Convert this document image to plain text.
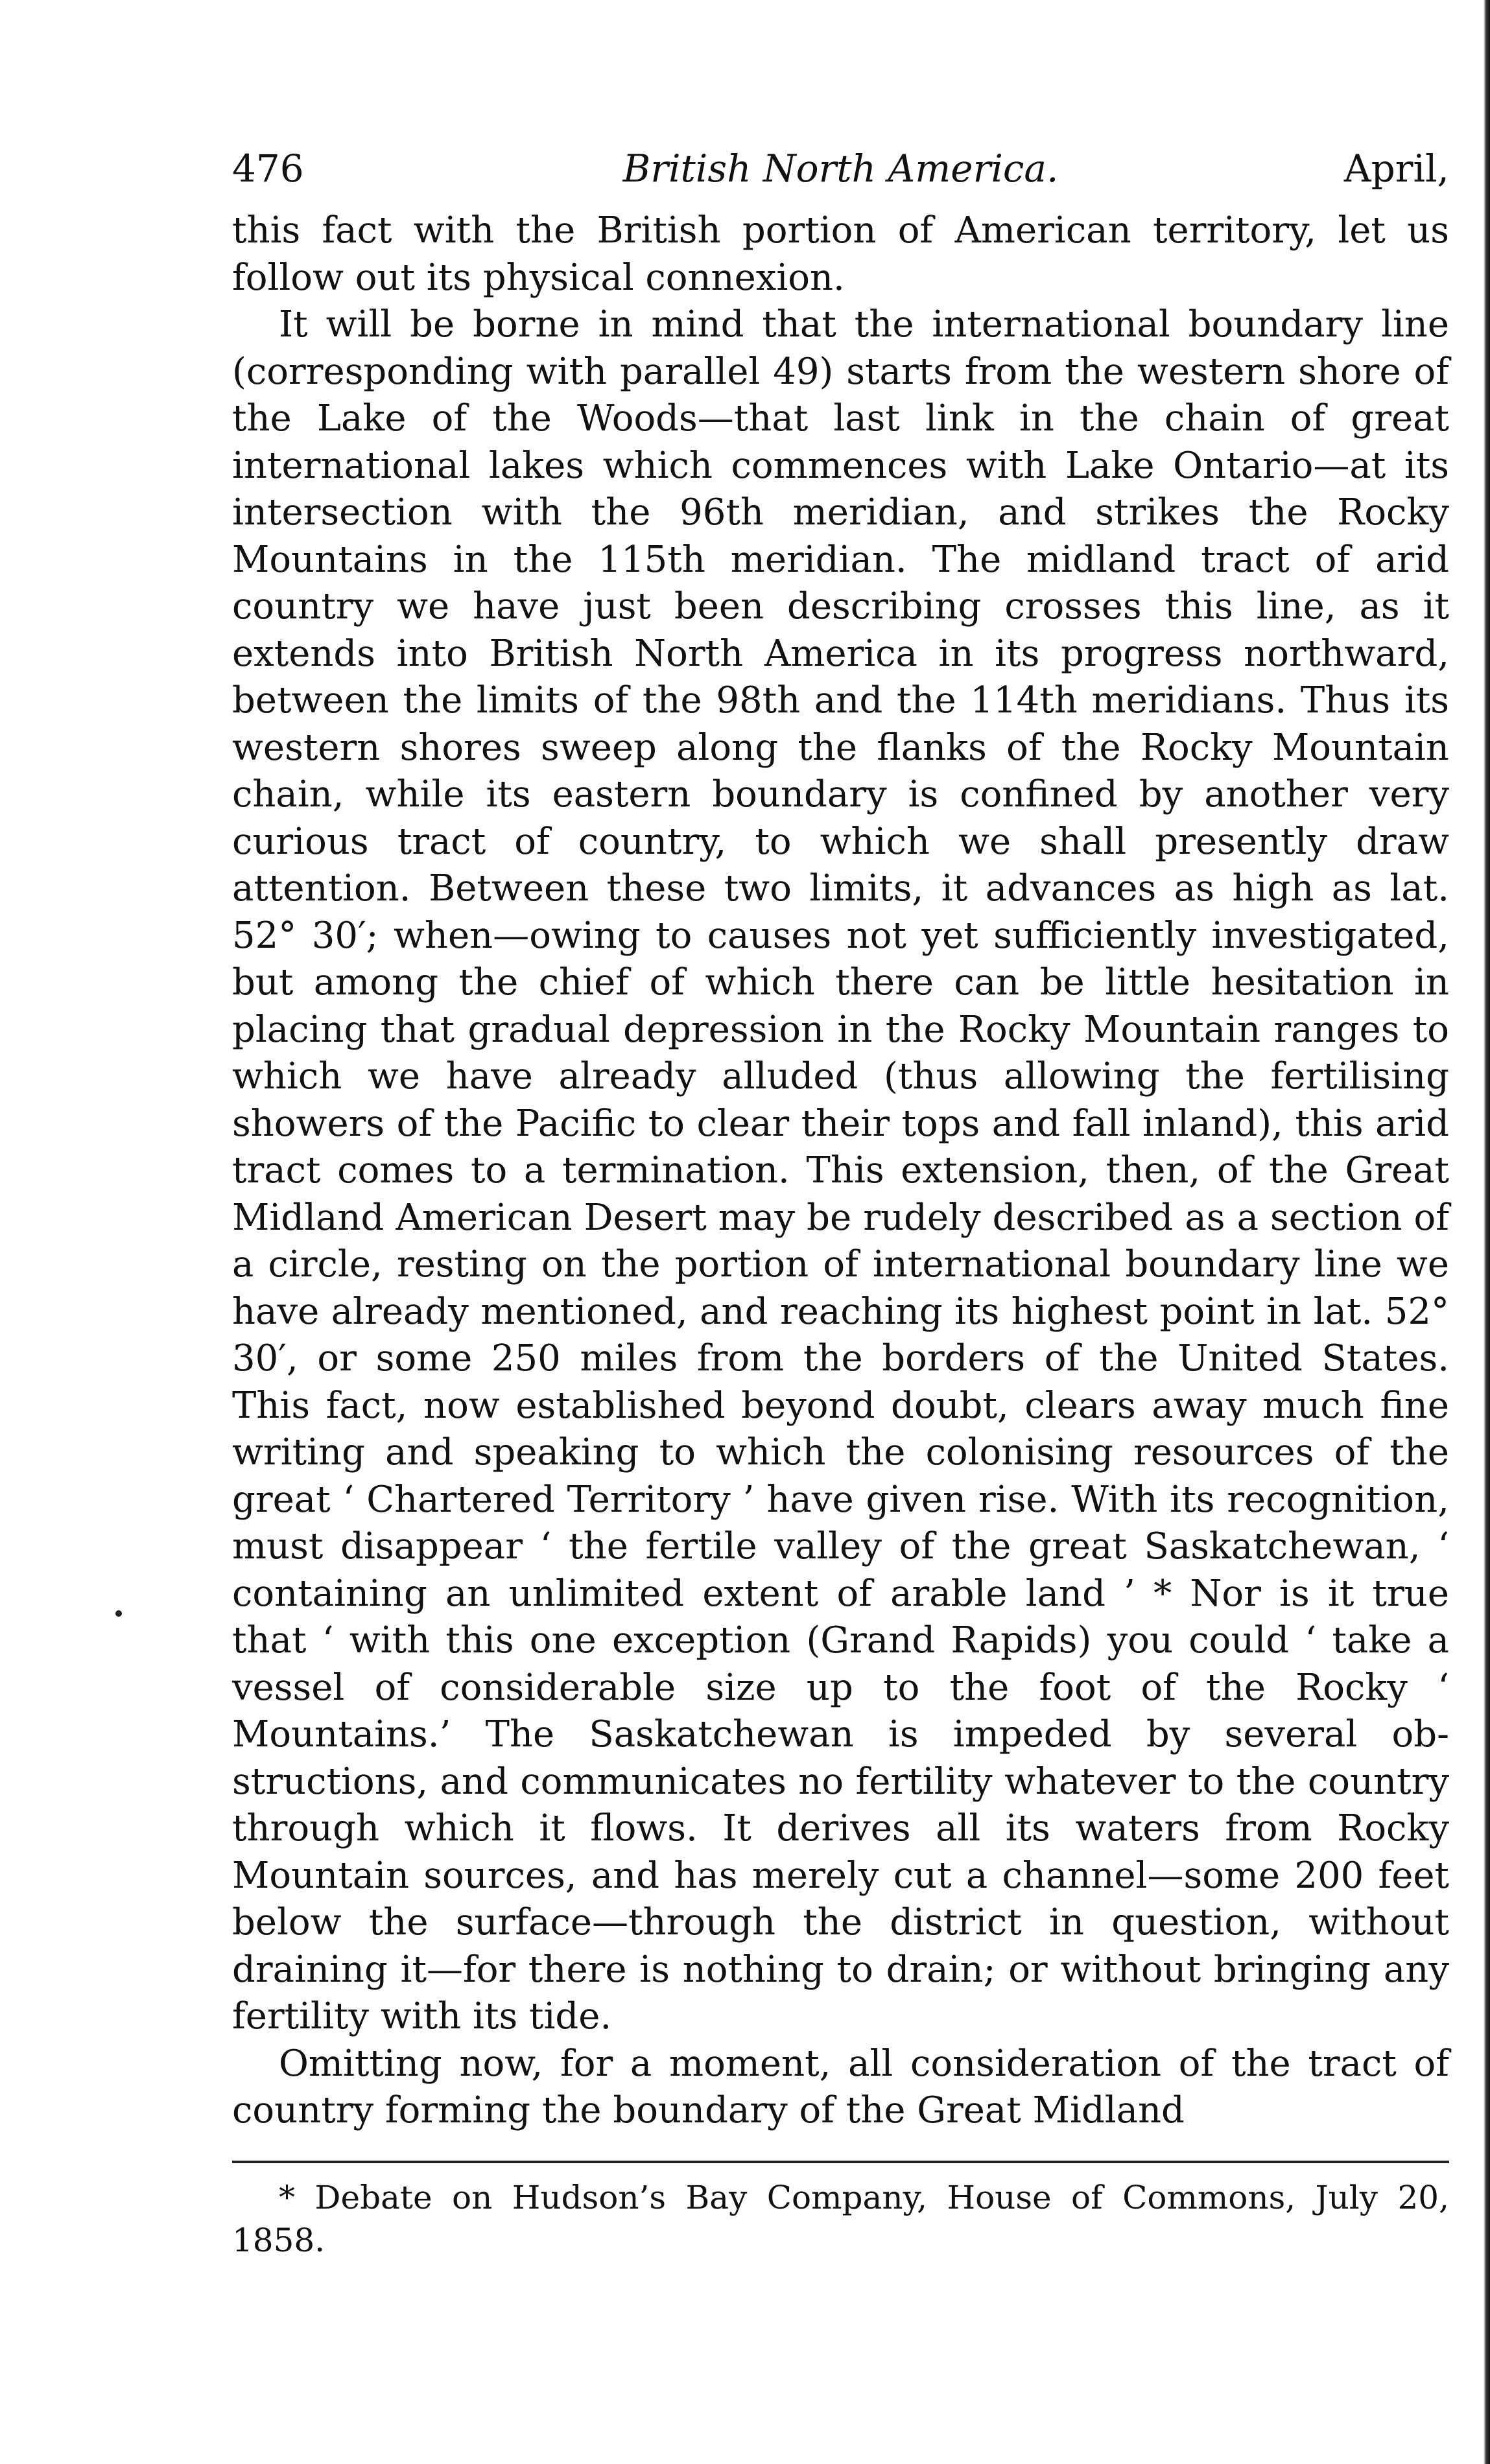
476	British North America.	April,

this fact with the British portion of American territory, let us follow out its physical connexion.

It will be borne in mind that the international boundary line (corresponding with parallel 49) starts from the western shore of the Lake of the Woods—that last link in the chain of great international lakes which commences with Lake Ontario—at its intersection with the 96th meridian, and strikes the Rocky Mountains in the 115th meridian. The midland tract of arid country we have just been describing crosses this line, as it extends into British North America in its progress northward, between the limits of the 98th and the 114th meridians. Thus its western shores sweep along the flanks of the Rocky Mountain chain, while its eastern boundary is confined by another very curious tract of country, to which we shall presently draw attention. Between these two limits, it advances as high as lat. 52° 30′; when—owing to causes not yet sufficiently investigated, but among the chief of which there can be little hesitation in placing that gradual depression in the Rocky Mountain ranges to which we have already alluded (thus allowing the fertilising showers of the Pacific to clear their tops and fall inland), this arid tract comes to a termination. This extension, then, of the Great Midland American Desert may be rudely described as a section of a circle, resting on the portion of international boundary line we have already mentioned, and reaching its highest point in lat. 52° 30′, or some 250 miles from the borders of the United States. This fact, now established beyond doubt, clears away much fine writing and speaking to which the colonising resources of the great ‘ Chartered Territory ’ have given rise. With its recognition, must disappear ‘ the fertile valley of the great Saskatchewan, ‘ containing an unlimited extent of arable land ’ * Nor is it true that ‘ with this one exception (Grand Rapids) you could ‘ take a vessel of considerable size up to the foot of the Rocky ‘ Mountains.’ The Saskatchewan is impeded by several obstructions, and communicates no fertility whatever to the country through which it flows. It derives all its waters from Rocky Mountain sources, and has merely cut a channel—some 200 feet below the surface—through the district in question, without draining it—for there is nothing to drain; or without bringing any fertility with its tide.

Omitting now, for a moment, all consideration of the tract of country forming the boundary of the Great Midland

* Debate on Hudson’s Bay Company, House of Commons, July 20, 1858.
